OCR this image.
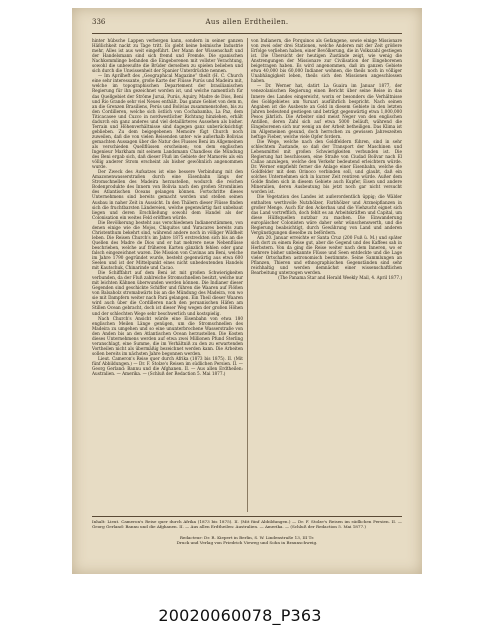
336	Aus allen Erdtheilen.

hinter hübsche Lappen verbergen kann, sondern in seiner ganzen Häßlichkeit nackt zu Tage tritt. Es giebt keine heimische Industrie mehr, Alles ist aus weit eingeführt. Der Mann der Wissenschaft und der Handelsmann sind sich fremd und Fremde. Die spanischen Nachkommlinge befanden die Eingeborenen mit vollster Verachtung, sowohl die unbewußte die Brüder derselben zu spielen belieben und sich durch die Unwissenheit der Spanier Unterdrückte nennen.

— Im Aprilheft des „Geographical Magazine“ theilt (H. C. Church eine sehr interessante, große Karte der Flüsse Purús und Madeira mit, welche im topographischen Departement der brasilianischen Regierung für ihn gezeichnet worden ist, und welche namentlich für das Quellgebiet der Ströme Juruá, Purús, Aquiry, Madre de Dios, Beni und Rio Grande sehr viel Neues enthält. Das ganze Gebiet von dem m, an die Grenzen Brasiliens, Perús und Bolivias zusammenstoßen, bis zu den Cordilleren, welche sich östlich von Cochabamba, La Paz, dem Titicacasee und Cuzco in nordwestlicher Richtung hinziehen, erhält dadurch ein ganz anderes und viel detaillirteres Aussehen als bisher. Terrain und Höhenverhältnisse sind dagegen ganz unberücksichtigt geblieben. Zu dem beigegebenen Memoire fügt Church noch zuweilen, daß die von vielen Reisenden unter- wie außerhalb Bolivias gemachten Aussagen über die Natur des Flusses Beni im Allgemeinen als verschieden Quellflüssen erscheinen; von dem englischen Ingenieur Markham mit seinem Landsmann Chandless die Mündung des Beni ergab sich, daß dieser Fluß im Gebiete der Mamorés als ein völlig anderer Strom erscheint als bisher gewöhnlich angenommen wurde.

Der Zweck des Aufsatzes ist eine bessere Verbindung mit den Amazonenwasserstraßen durch eine Eisenbahn längs der Stromschnellen des Madeira herzustellen, wodurch die reichen Bodenprodukte des Innern von Bolivia nach den großen Stromlinien des Atlantischen Oceans gelangen können. Fortschritte dieses Unternehmens sind bereits gemacht worden und stellen seinen Ausbau in naher Zeit in Aussicht. In den Thälern dieser Flüsse finden sich die fruchtbarsten Ländereien, welche gegenwärtig fast unbebaut liegen und deren Erschließung sowohl dem Handel als der Colonisation ein weites Feld eröffnen würde.

Die Bevölkerung besteht aus verschiedenen Indianerstämmen, von denen einige wie die Mojos, Chiquitos und Yuracares bereits zum Christenthum bekehrt sind, während andere noch in völliger Wildheit leben. Die Reisen Church's im Jahre 1875 erstreckten sich bis an die Quellen des Madre de Dios und er hat mehrere neue Nebenflüsse beschrieben, welche auf früheren Karten gänzlich fehlen oder ganz falsch eingezeichnet waren. Die Mission von Cavinas am Beni, welche im Jahre 1790 gegründet wurde, besteht gegenwärtig aus etwa 600 Seelen und ist der Mittelpunkt eines nicht unbedeutenden Handels mit Kautschuk, Chinarinde und Cacao.

Die Schifffahrt auf dem Beni ist mit großen Schwierigkeiten verbunden, da der Fluß zahlreiche Stromschnellen besitzt, welche nur mit leichten Kähnen überwunden werden können. Die Indianer dieser Gegenden sind geschickte Schiffer und führen die Waaren auf Flößen von Balsaholz stromabwärts bis an die Mündung des Madeira, von wo sie mit Dampfern weiter nach Pará gelangen. Ein Theil dieser Waaren wird auch über die Cordilleren nach den peruanischen Häfen am Stillen Ocean gebracht, doch ist dieser Weg wegen der großen Höhen und der schlechten Wege sehr beschwerlich und kostspielig.

Nach Church's Ansicht würde eine Eisenbahn von etwa 180 englischen Meilen Länge genügen, um die Stromschnellen des Madeira zu umgehen und so eine ununterbrochene Wasserstraße von den Anden bis an den Atlantischen Ocean herzustellen. Die Kosten dieses Unternehmens werden auf etwa zwei Millionen Pfund Sterling veranschlagt, eine Summe, die im Verhältniß zu den zu erwartenden Vortheilen nicht als übermäßig bezeichnet werden kann. Die Arbeiten sollen bereits im nächsten Jahre begonnen werden.

Lieut. Cameron's Reise quer durch Afrika (1873 bis 1875). II. (Mit fünf Abbildungen.) — Dr. F. Stolze's Reisen im südlichen Persien. II. — Georg Gerland: Bannu und die Afghanen. II. — Aus allen Erdtheilen: Australien. — Amerika. — (Schluß der Redaction 5. Mai 1877.)

von Indianern, die Porquinos als Gefangene, sowie einige Missionare von zwei oder drei Stationen, welche Anderen mit der Zeit größere Erfolge verliehen haben, einer Bevölkerung, die in Volkszahl gestiegen ist. Die Übersicht der heutigen Zustände zeigt, wie wenig die Anstrengungen der Missionare zur Civilisation der Eingeborenen beigetragen haben. Es wird angenommen, daß im ganzen Gebiete etwa 40,000 bis 60,000 Indianer wohnen, die theils noch in völliger Unabhängigkeit leben, theils sich den Missionen angeschlossen haben.

— Dr. Werner hat, datirt La Guaira im Januar 1877, der venezolanischen Regierung einen Bericht über seine Reise in das Innere des Landes eingereicht, worin er besonders die Verhältnisse des Goldgebietes am Yuruari ausführlich bespricht. Nach seinen Angaben ist die Ausbeute an Gold in diesem Gebiete in den letzten Jahren bedeutend gestiegen und beträgt gegenwärtig etwa 1,000,000 Pesos jährlich. Die Arbeiter sind meist Neger von den englischen Antillen, deren Zahl sich auf etwa 5000 beläuft, während die Eingeborenen sich nur wenig an der Arbeit betheiligen. Das Klima ist im Allgemeinen gesund, doch herrschen zu gewissen Jahreszeiten heftige Fieber, welche viele Opfer fordern.

Die Wege, welche nach den Goldfeldern führen, sind in sehr schlechtem Zustande, so daß der Transport der Maschinen und Lebensmittel mit großen Schwierigkeiten verbunden ist. Die Regierung hat beschlossen, eine Straße von Ciudad Bolívar nach El Callao anzulegen, welche den Verkehr bedeutend erleichtern würde. Dr. Werner empfiehlt ferner die Anlage einer Eisenbahn, welche die Goldfelder mit dem Orinoco verbinden soll, und glaubt, daß ein solches Unternehmen sich in kurzer Zeit rentiren würde. Außer dem Golde finden sich in diesem Gebiete auch Kupfer, Eisen und andere Mineralien, deren Ausbeutung bis jetzt noch gar nicht versucht worden ist.

Die Vegetation des Landes ist außerordentlich üppig; die Wälder enthalten werthvolle Nutzhölzer, Farbhölzer und Arzneipflanzen in großer Menge. Auch für den Ackerbau und die Viehzucht eignet sich das Land vortrefflich, doch fehlt es an Arbeitskräften und Capital, um diese Hülfsquellen nutzbar zu machen. Die Einwanderung europäischer Colonisten wäre daher sehr wünschenswerth, und die Regierung beabsichtigt, durch Gewährung von Land und anderen Vergünstigungen dieselbe zu befördern.

Am 20. Januar erreichte er Santa Cruz (200 Fuß ü. M.) und später sich dort zu einem Reise gut, aber die Gegend und des Kaffees sah in Herbstern. Von da ging die Reise weiter nach dem Inneren, wo er mehrere bisher unbekannte Flüsse und Seen entdeckte und die Lage vieler Ortschaften astronomisch bestimmte. Seine Sammlungen an Pflanzen, Thieren und ethnographischen Gegenständen sind sehr reichhaltig und werden demnächst einer wissenschaftlichen Bearbeitung unterzogen werden.

(The Panama Star and Herald Weekly Mail, 4. April 1877.)

Inhalt: Lieut. Cameron's Reise quer durch Afrika (1873 bis 1875). II. (Mit fünf Abbildungen.) — Dr. F. Stolze's Reisen im südlichen Persien. II. — Georg Gerland: Bannu und die Afghanen. II. — Aus allen Erdtheilen: Australien. — Amerika. — (Schluß der Redaction 5. Mai 1877.)
Redacteur: Dr. R. Kiepert in Berlin, S. W. Lindenstraße 13, III Tr.
Druck und Verlag von Friedrich Vieweg und Sohn in Braunschweig.
20020060078_P363
